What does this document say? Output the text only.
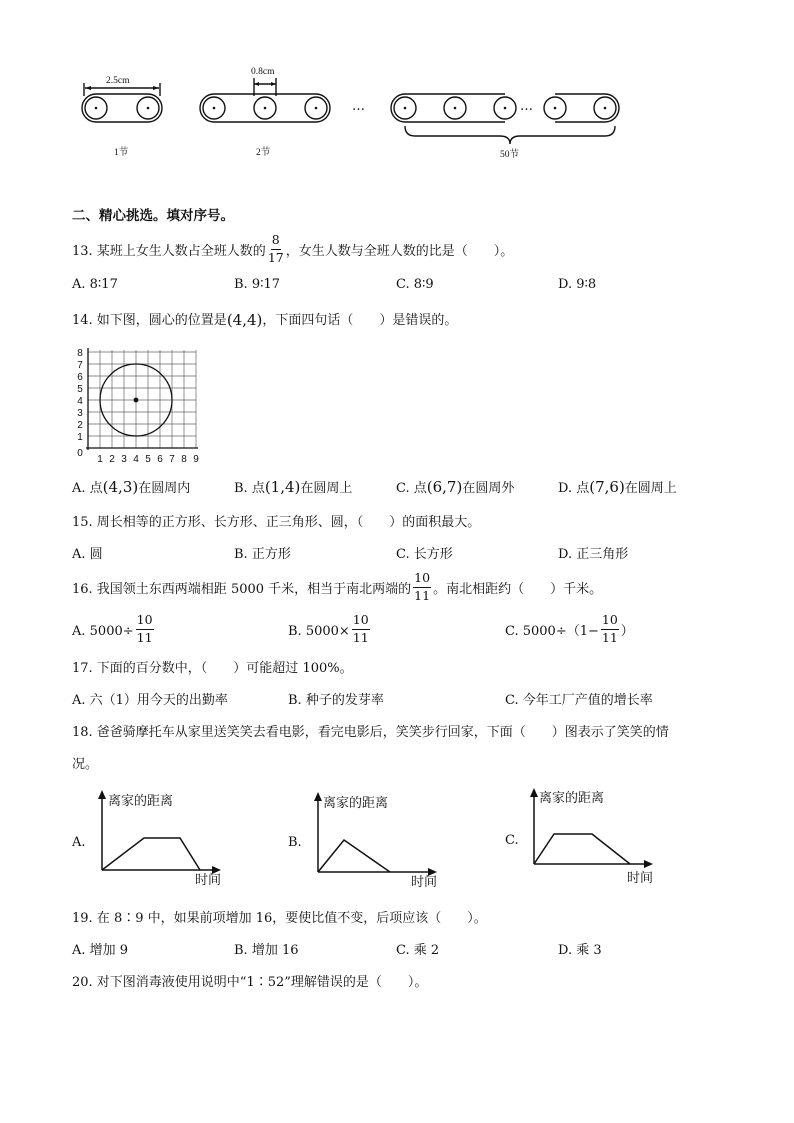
2.5cm
0.8cm
…	…
1节	2节	50节
二、精心挑选。填对序号。
13. 某班上女生人数占全班人数的 $\frac{8}{17}$ ，女生人数与全班人数的比是（　　）。
A. 8∶17	B. 9∶17	C. 8∶9	D. 9∶8
14. 如下图，圆心的位置是 (4,4) ，下面四句话（　　）是错误的。
8
7
6
5
4
3
2
1
0
1 2 3 4 5 6 7 8 9
A. 点(4,3)在圆周内	B. 点(1,4)在圆周上	C. 点(6,7)在圆周外	D. 点(7,6)在圆周上
15. 周长相等的正方形、长方形、正三角形、圆，（　　）的面积最大。
A. 圆	B. 正方形	C. 长方形	D. 正三角形
16. 我国领土东西两端相距 5000 千米，相当于南北两端的 $\frac{10}{11}$ 。南北相距约（　　）千米。
A. $5000\div \frac{10}{11}$	B. $5000\times \frac{10}{11}$	C. $5000\div(1- \frac{10}{11}$ ）
17. 下面的百分数中，（　　）可能超过 100%。
A. 六（1）用今天的出勤率	B. 种子的发芽率	C. 今年工厂产值的增长率
18. 爸爸骑摩托车从家里送笑笑去看电影，看完电影后，笑笑步行回家，下面（　　）图表示了笑笑的情
况。
A.
离家的距离
时间
B.
离家的距离
时间
C.
离家的距离
时间
19. 在 8∶9 中，如果前项增加 16，要使比值不变，后项应该（　　）。
A. 增加 9	B. 增加 16	C. 乘 2	D. 乘 3
20. 对下图消毒液使用说明中“1∶52”理解错误的是（　　）。
